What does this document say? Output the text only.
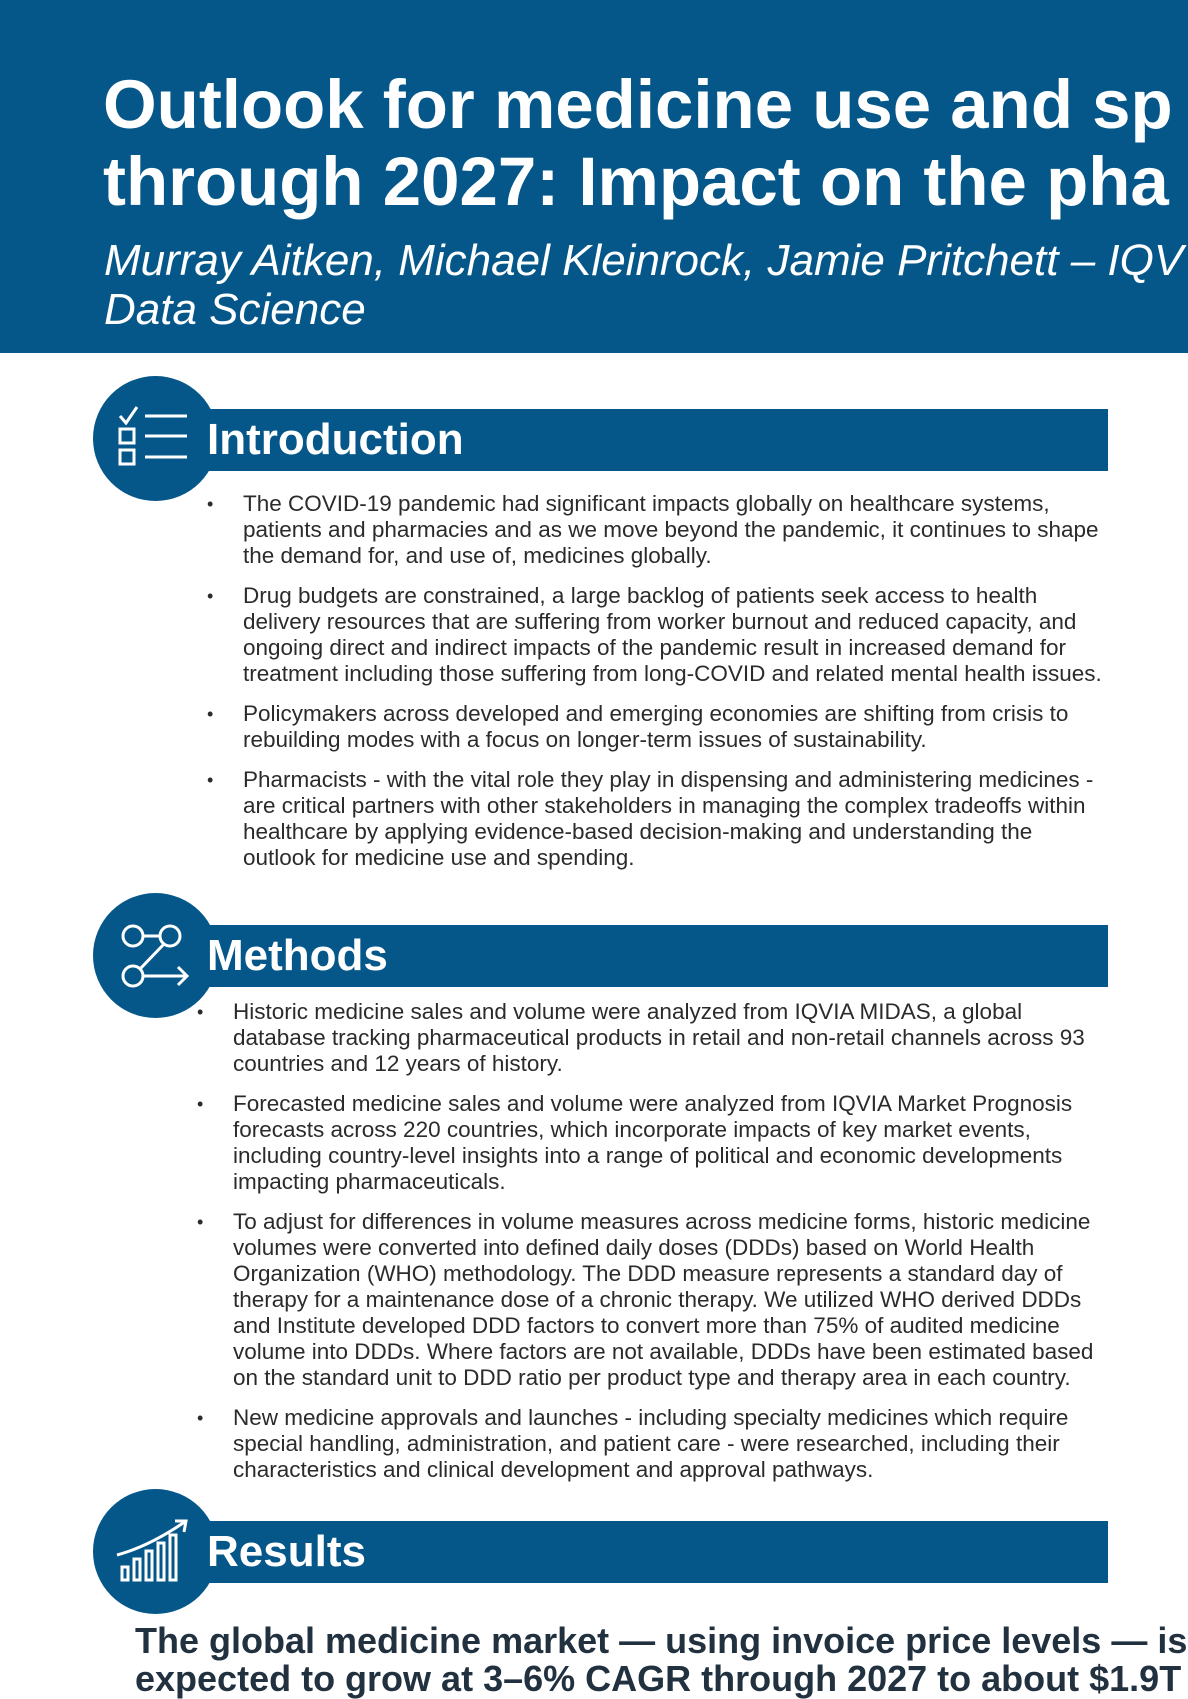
Outlook for medicine use and sp
through 2027: Impact on the pha

Murray Aitken, Michael Kleinrock, Jamie Pritchett – IQV
Data Science

Introduction
• The COVID-19 pandemic had significant impacts globally on healthcare systems, patients and pharmacies and as we move beyond the pandemic, it continues to shape the demand for, and use of, medicines globally.
• Drug budgets are constrained, a large backlog of patients seek access to health delivery resources that are suffering from worker burnout and reduced capacity, and ongoing direct and indirect impacts of the pandemic result in increased demand for treatment including those suffering from long-COVID and related mental health issues.
• Policymakers across developed and emerging economies are shifting from crisis to rebuilding modes with a focus on longer-term issues of sustainability.
• Pharmacists - with the vital role they play in dispensing and administering medicines - are critical partners with other stakeholders in managing the complex tradeoffs within healthcare by applying evidence-based decision-making and understanding the outlook for medicine use and spending.
Methods
• Historic medicine sales and volume were analyzed from IQVIA MIDAS, a global database tracking pharmaceutical products in retail and non-retail channels across 93 countries and 12 years of history.
• Forecasted medicine sales and volume were analyzed from IQVIA Market Prognosis forecasts across 220 countries, which incorporate impacts of key market events, including country-level insights into a range of political and economic developments impacting pharmaceuticals.
• To adjust for differences in volume measures across medicine forms, historic medicine volumes were converted into defined daily doses (DDDs) based on World Health Organization (WHO) methodology. The DDD measure represents a standard day of therapy for a maintenance dose of a chronic therapy. We utilized WHO derived DDDs and Institute developed DDD factors to convert more than 75% of audited medicine volume into DDDs. Where factors are not available, DDDs have been estimated based on the standard unit to DDD ratio per product type and therapy area in each country.
• New medicine approvals and launches - including specialty medicines which require special handling, administration, and patient care - were researched, including their characteristics and clinical development and approval pathways.
Results

The global medicine market — using invoice price levels — is
expected to grow at 3–6% CAGR through 2027 to about $1.9T
